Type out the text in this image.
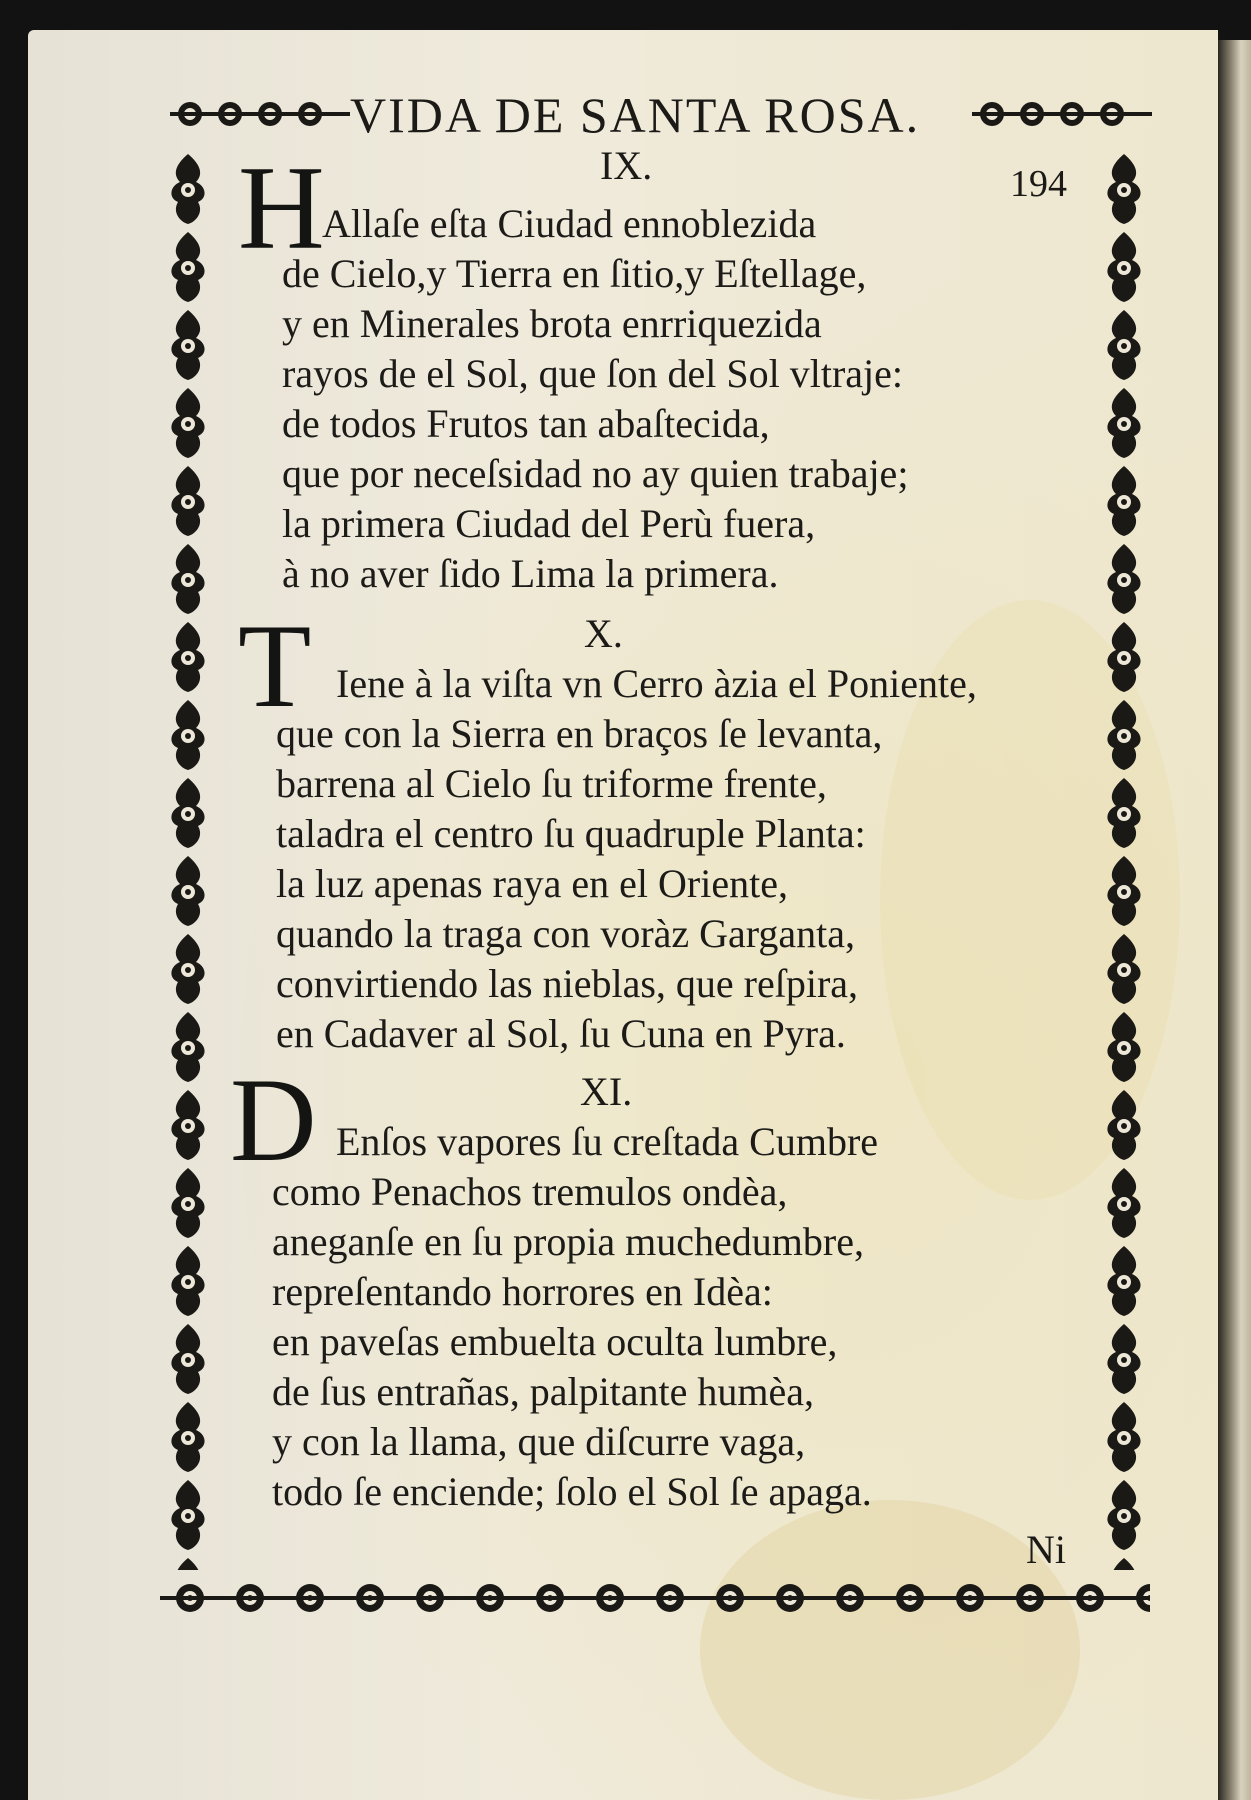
VIDA DE SANTA ROSA.
194
IX.
H
Allaſe eſta Ciudad ennoblezida
de Cielo,y Tierra en ſitio,y Eſtellage,
y en Minerales brota enrriquezida
rayos de el Sol, que ſon del Sol vltraje:
de todos Frutos tan abaſtecida,
que por neceſsidad no ay quien trabaje;
la primera Ciudad del Perù fuera,
à no aver ſido Lima la primera.
X.
T Iene à la viſta vn Cerro àzia el Poniente,
que con la Sierra en braços ſe levanta,
barrena al Cielo ſu triforme frente,
taladra el centro ſu quadruple Planta:
la luz apenas raya en el Oriente,
quando la traga con voràz Garganta,
convirtiendo las nieblas, que reſpira,
en Cadaver al Sol, ſu Cuna en Pyra.
XI.
D Enſos vapores ſu creſtada Cumbre
como Penachos tremulos ondèa,
aneganſe en ſu propia muchedumbre,
repreſentando horrores en Idèa:
en paveſas embuelta oculta lumbre,
de ſus entrañas, palpitante humèa,
y con la llama, que diſcurre vaga,
todo ſe enciende; ſolo el Sol ſe apaga.
Ni
